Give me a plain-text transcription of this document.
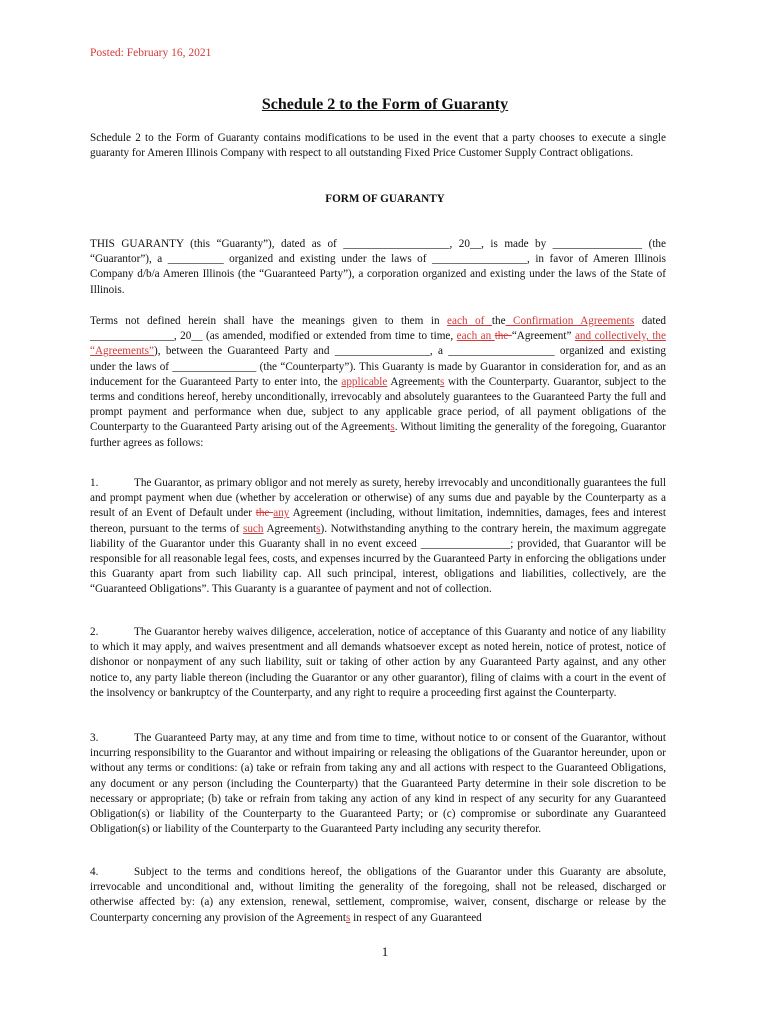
Posted: February 16, 2021
Schedule 2 to the Form of Guaranty

Schedule 2 to the Form of Guaranty contains modifications to be used in the event that a party chooses to execute a single guaranty for Ameren Illinois Company with respect to all outstanding Fixed Price Customer Supply Contract obligations.

FORM OF GUARANTY

THIS GUARANTY (this “Guaranty”), dated as of ___________________, 20__, is made by ________________ (the “Guarantor”), a __________ organized and existing under the laws of _________________, in favor of Ameren Illinois Company d/b/a Ameren Illinois (the “Guaranteed Party”), a corporation organized and existing under the laws of the State of Illinois.

Terms not defined herein shall have the meanings given to them in each of the Confirmation Agreements dated _______________, 20__ (as amended, modified or extended from time to time, each an the “Agreement” and collectively, the “Agreements”), between the Guaranteed Party and _________________, a ___________________ organized and existing under the laws of _______________ (the “Counterparty”). This Guaranty is made by Guarantor in consideration for, and as an inducement for the Guaranteed Party to enter into, the applicable Agreements with the Counterparty. Guarantor, subject to the terms and conditions hereof, hereby unconditionally, irrevocably and absolutely guarantees to the Guaranteed Party the full and prompt payment and performance when due, subject to any applicable grace period, of all payment obligations of the Counterparty to the Guaranteed Party arising out of the Agreements. Without limiting the generality of the foregoing, Guarantor further agrees as follows:

1.	The Guarantor, as primary obligor and not merely as surety, hereby irrevocably and unconditionally guarantees the full and prompt payment when due (whether by acceleration or otherwise) of any sums due and payable by the Counterparty as a result of an Event of Default under the any Agreement (including, without limitation, indemnities, damages, fees and interest thereon, pursuant to the terms of such Agreements). Notwithstanding anything to the contrary herein, the maximum aggregate liability of the Guarantor under this Guaranty shall in no event exceed ________________; provided, that Guarantor will be responsible for all reasonable legal fees, costs, and expenses incurred by the Guaranteed Party in enforcing the obligations under this Guaranty apart from such liability cap. All such principal, interest, obligations and liabilities, collectively, are the “Guaranteed Obligations”. This Guaranty is a guarantee of payment and not of collection.

2.	The Guarantor hereby waives diligence, acceleration, notice of acceptance of this Guaranty and notice of any liability to which it may apply, and waives presentment and all demands whatsoever except as noted herein, notice of protest, notice of dishonor or nonpayment of any such liability, suit or taking of other action by any Guaranteed Party against, and any other notice to, any party liable thereon (including the Guarantor or any other guarantor), filing of claims with a court in the event of the insolvency or bankruptcy of the Counterparty, and any right to require a proceeding first against the Counterparty.

3.	The Guaranteed Party may, at any time and from time to time, without notice to or consent of the Guarantor, without incurring responsibility to the Guarantor and without impairing or releasing the obligations of the Guarantor hereunder, upon or without any terms or conditions: (a) take or refrain from taking any and all actions with respect to the Guaranteed Obligations, any document or any person (including the Counterparty) that the Guaranteed Party determine in their sole discretion to be necessary or appropriate; (b) take or refrain from taking any action of any kind in respect of any security for any Guaranteed Obligation(s) or liability of the Counterparty to the Guaranteed Party; or (c) compromise or subordinate any Guaranteed Obligation(s) or liability of the Counterparty to the Guaranteed Party including any security therefor.

4.	Subject to the terms and conditions hereof, the obligations of the Guarantor under this Guaranty are absolute, irrevocable and unconditional and, without limiting the generality of the foregoing, shall not be released, discharged or otherwise affected by: (a) any extension, renewal, settlement, compromise, waiver, consent, discharge or release by the Counterparty concerning any provision of the Agreements in respect of any Guaranteed

1
